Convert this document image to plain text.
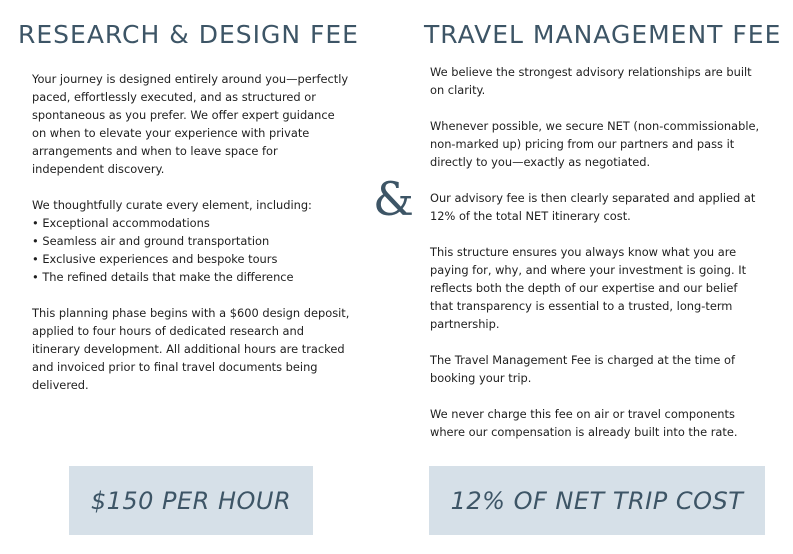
RESEARCH & DESIGN FEE	TRAVEL MANAGEMENT FEE

Your journey is designed entirely around you—perfectly paced, effortlessly executed, and as structured or spontaneous as you prefer. We offer expert guidance on when to elevate your experience with private arrangements and when to leave space for independent discovery.

We thoughtfully curate every element, including:
• Exceptional accommodations
• Seamless air and ground transportation
• Exclusive experiences and bespoke tours
• The refined details that make the difference

This planning phase begins with a $600 design deposit, applied to four hours of dedicated research and itinerary development. All additional hours are tracked and invoiced prior to final travel documents being delivered.

&

We believe the strongest advisory relationships are built on clarity.

Whenever possible, we secure NET (non-commissionable, non-marked up) pricing from our partners and pass it directly to you—exactly as negotiated.

Our advisory fee is then clearly separated and applied at 12% of the total NET itinerary cost.

This structure ensures you always know what you are paying for, why, and where your investment is going. It reflects both the depth of our expertise and our belief that transparency is essential to a trusted, long-term partnership.

The Travel Management Fee is charged at the time of booking your trip.

We never charge this fee on air or travel components where our compensation is already built into the rate.

$150 PER HOUR	12% OF NET TRIP COST
